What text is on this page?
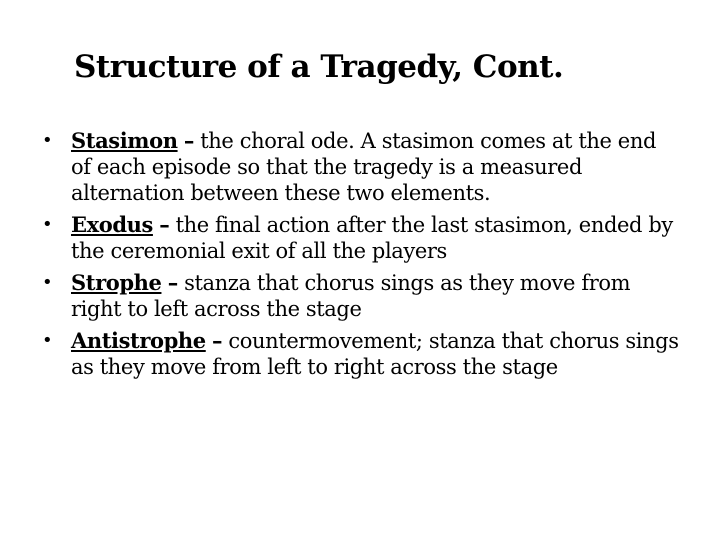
Structure of a Tragedy, Cont.
• Stasimon – the choral ode. A stasimon comes at the end of each episode so that the tragedy is a measured alternation between these two elements.
• Exodus – the final action after the last stasimon, ended by the ceremonial exit of all the players
• Strophe – stanza that chorus sings as they move from right to left across the stage
• Antistrophe – countermovement; stanza that chorus sings as they move from left to right across the stage
